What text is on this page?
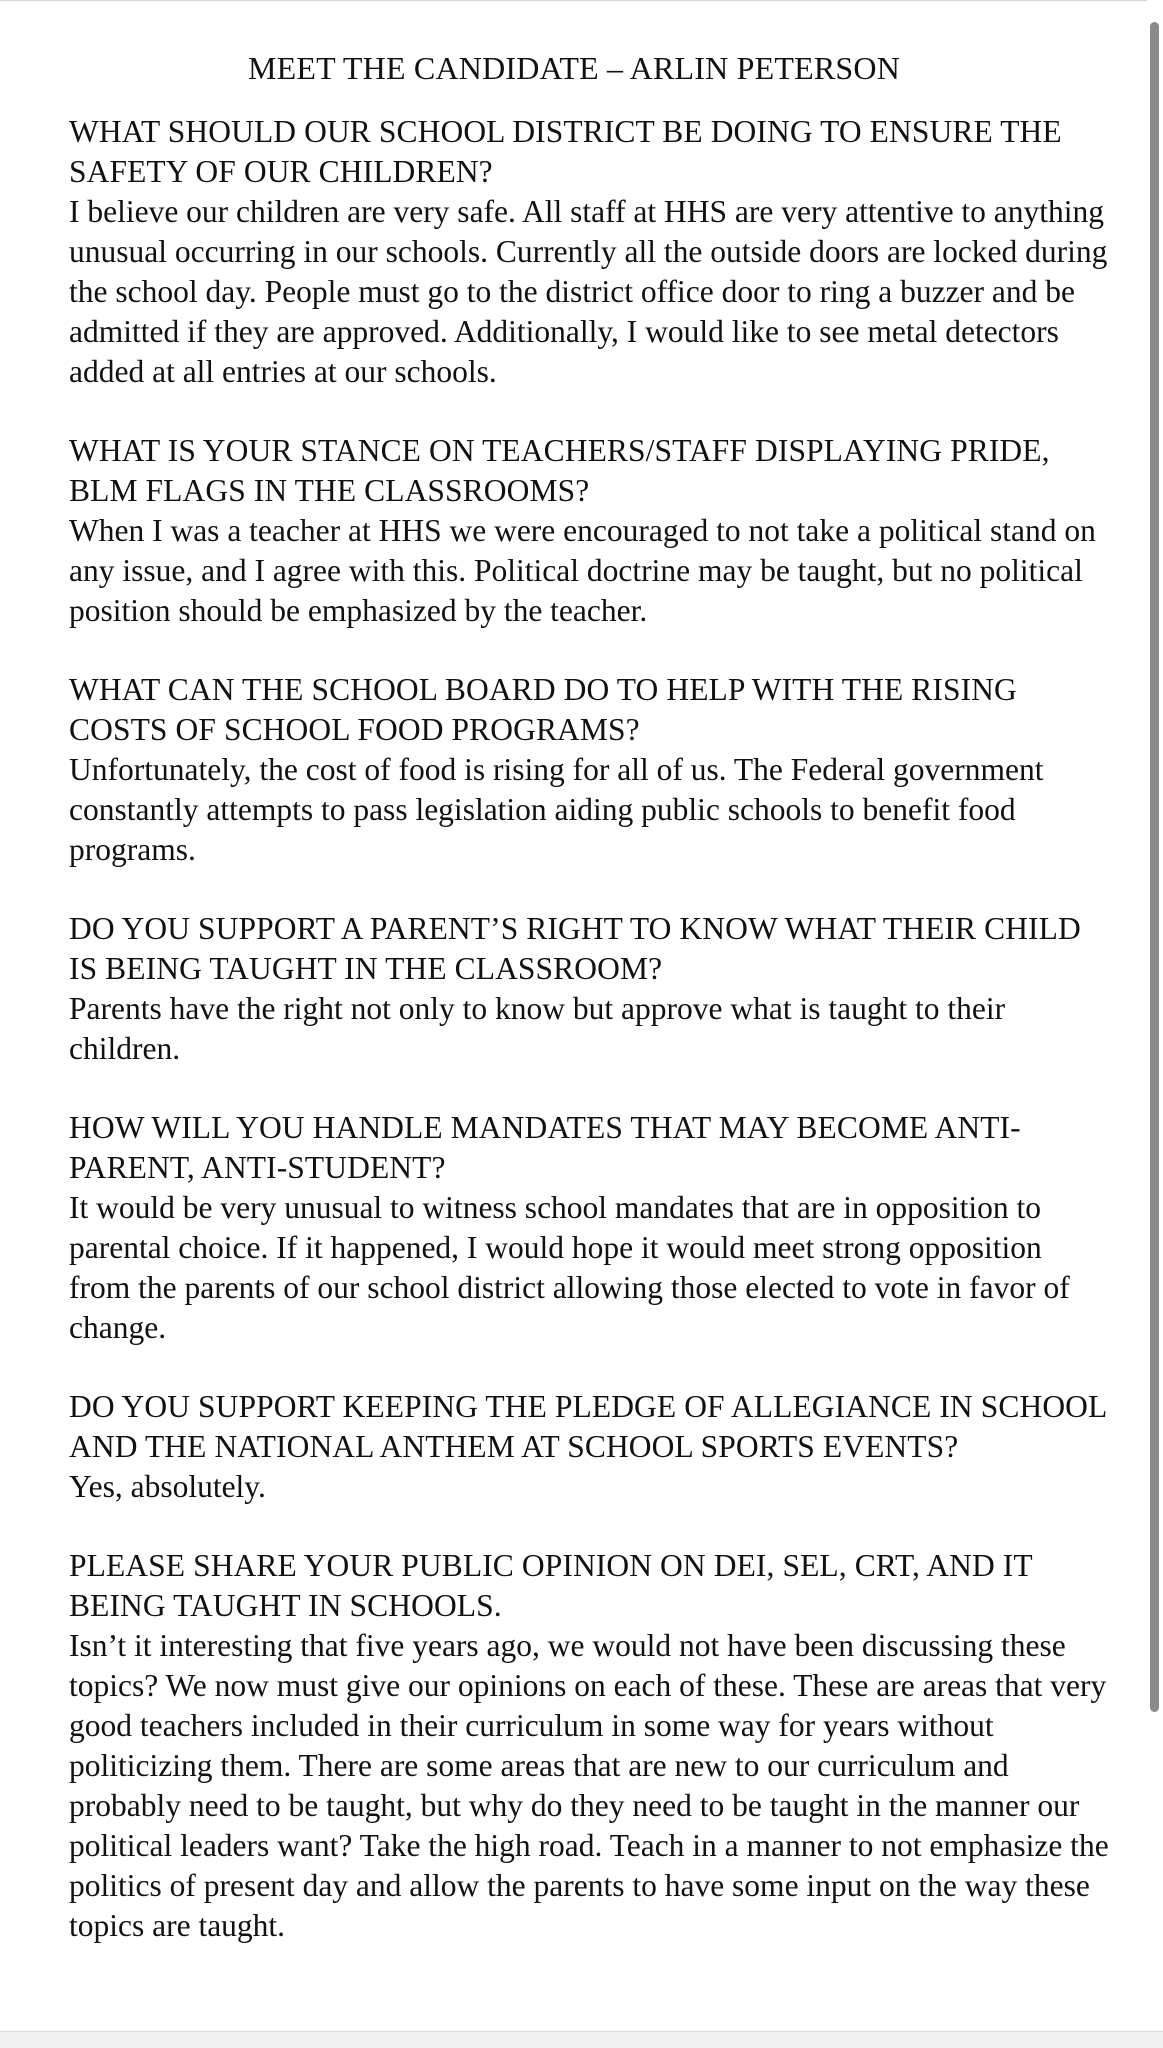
MEET THE CANDIDATE – ARLIN PETERSON

WHAT SHOULD OUR SCHOOL DISTRICT BE DOING TO ENSURE THE SAFETY OF OUR CHILDREN?

I believe our children are very safe. All staff at HHS are very attentive to anything unusual occurring in our schools. Currently all the outside doors are locked during the school day. People must go to the district office door to ring a buzzer and be admitted if they are approved. Additionally, I would like to see metal detectors added at all entries at our schools.

WHAT IS YOUR STANCE ON TEACHERS/STAFF DISPLAYING PRIDE, BLM FLAGS IN THE CLASSROOMS?

When I was a teacher at HHS we were encouraged to not take a political stand on any issue, and I agree with this. Political doctrine may be taught, but no political position should be emphasized by the teacher.

WHAT CAN THE SCHOOL BOARD DO TO HELP WITH THE RISING COSTS OF SCHOOL FOOD PROGRAMS?

Unfortunately, the cost of food is rising for all of us. The Federal government constantly attempts to pass legislation aiding public schools to benefit food programs.

DO YOU SUPPORT A PARENT’S RIGHT TO KNOW WHAT THEIR CHILD IS BEING TAUGHT IN THE CLASSROOM?

Parents have the right not only to know but approve what is taught to their children.

HOW WILL YOU HANDLE MANDATES THAT MAY BECOME ANTI-PARENT, ANTI-STUDENT?

It would be very unusual to witness school mandates that are in opposition to parental choice. If it happened, I would hope it would meet strong opposition from the parents of our school district allowing those elected to vote in favor of change.

DO YOU SUPPORT KEEPING THE PLEDGE OF ALLEGIANCE IN SCHOOL AND THE NATIONAL ANTHEM AT SCHOOL SPORTS EVENTS?

Yes, absolutely.

PLEASE SHARE YOUR PUBLIC OPINION ON DEI, SEL, CRT, AND IT BEING TAUGHT IN SCHOOLS.

Isn’t it interesting that five years ago, we would not have been discussing these topics? We now must give our opinions on each of these. These are areas that very good teachers included in their curriculum in some way for years without politicizing them. There are some areas that are new to our curriculum and probably need to be taught, but why do they need to be taught in the manner our political leaders want? Take the high road. Teach in a manner to not emphasize the politics of present day and allow the parents to have some input on the way these topics are taught.
